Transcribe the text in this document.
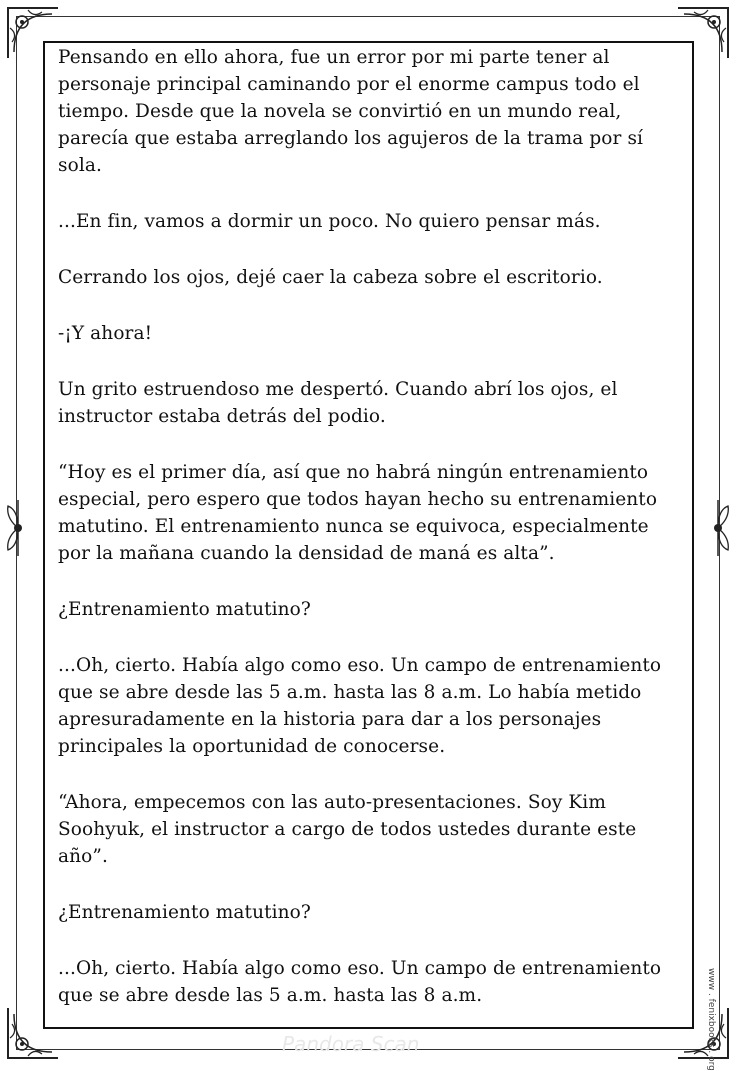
Pensando en ello ahora, fue un error por mi parte tener al personaje principal caminando por el enorme campus todo el tiempo. Desde que la novela se convirtió en un mundo real, parecía que estaba arreglando los agujeros de la trama por sí sola.

...En fin, vamos a dormir un poco. No quiero pensar más.

Cerrando los ojos, dejé caer la cabeza sobre el escritorio.

-¡Y ahora!

Un grito estruendoso me despertó. Cuando abrí los ojos, el instructor estaba detrás del podio.

“Hoy es el primer día, así que no habrá ningún entrenamiento especial, pero espero que todos hayan hecho su entrenamiento matutino. El entrenamiento nunca se equivoca, especialmente por la mañana cuando la densidad de maná es alta”.

¿Entrenamiento matutino?

...Oh, cierto. Había algo como eso. Un campo de entrenamiento que se abre desde las 5 a.m. hasta las 8 a.m. Lo había metido apresuradamente en la historia para dar a los personajes principales la oportunidad de conocerse.

“Ahora, empecemos con las auto-presentaciones. Soy Kim Soohyuk, el instructor a cargo de todos ustedes durante este año”.

¿Entrenamiento matutino?

...Oh, cierto. Había algo como eso. Un campo de entrenamiento que se abre desde las 5 a.m. hasta las 8 a.m.

Pandora Scan	www . fenixbooks . org
